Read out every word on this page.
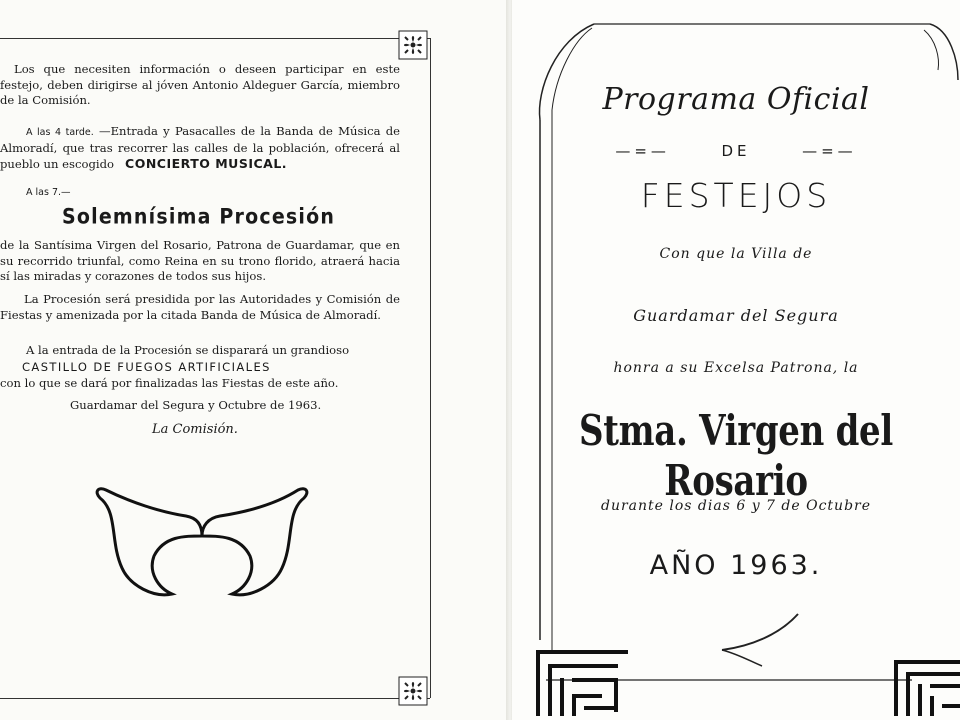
Los que necesiten información o deseen participar en este festejo, deben dirigirse al jóven Antonio Aldeguer García, miembro de la Comisión.

A las 4 tarde. —Entrada y Pasacalles de la Banda de Música de Almoradí, que tras recorrer las calles de la población, ofrecerá al pueblo un escogido CONCIERTO MUSICAL.

A las 7.—
Solemnísima Procesión

de la Santísima Virgen del Rosario, Patrona de Guardamar, que en su recorrido triunfal, como Reina en su trono florido, atraerá hacia sí las miradas y corazones de todos sus hijos.

La Procesión será presidida por las Autoridades y Comisión de Fiestas y amenizada por la citada Banda de Música de Almoradí.

A la entrada de la Procesión se disparará un grandioso

CASTILLO DE FUEGOS ARTIFICIALES

con lo que se dará por finalizadas las Fiestas de este año.

Guardamar del Segura y Octubre de 1963.

La Comisión.
Programa Oficial
—=—	DE	—=—
FESTEJOS
Con que la Villa de
Guardamar del Segura
honra a su Excelsa Patrona, la
Stma. Virgen del Rosario
durante los dias 6 y 7 de Octubre
AÑO 1963.
